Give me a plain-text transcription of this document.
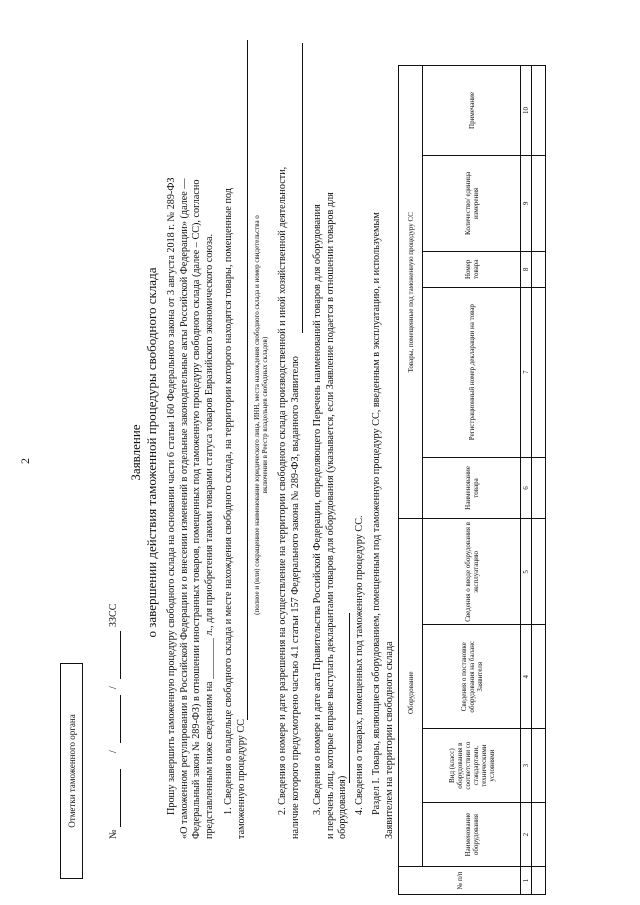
2
Отметки таможенного органа
№
/
/
ЗЗСС
Заявление о завершении действия таможенной процедуры свободного склада Прошу завершить таможенную процедуру свободного склада на основании части 6 статьи 160 Федерального закона от 3 августа 2018 г. № 289-ФЗ «О таможенном регулировании в Российской Федерации и о внесении изменений в отдельные законодательные акты Российской Федерации» (далее — Федеральный закон № 289-ФЗ) в отношении иностранных товаров, помещенных под таможенную процедуру свободного склада (далее – СС), согласно представленным ниже сведениям на ________ л., для приобретения такими товарами статуса товаров Евразийского экономического союза. 1. Сведения о владельце свободного склада и месте нахождения свободного склада, на территории которого находятся товары, помещенные под таможенную процедуру СС
(полное и (или) сокращенное наименование юридического лица, ИНН, места нахождения свободного склада и номер свидетельства о включении в Реестр владельцев свободных складов) 2. Сведения о номере и дате разрешения на осуществление на территории свободного склада производственной и иной хозяйственной деятельности, наличие которого предусмотрено частью 4.1 статьи 157 Федерального закона № 289-ФЗ, выданного Заявителю 3. Сведения о номере и дате акта Правительства Российской Федерации, определяющего Перечень наименований товаров для оборудования и перечень лиц, которые вправе выступать декларантами товаров для оборудования (указывается, если Заявление подается в отношении товаров для оборудования) 4. Сведения о товарах, помещенных под таможенную процедуру СС. Раздел I. Товары, являющиеся оборудованием, помещенным под таможенную процедуру СС, введенным в эксплуатацию, и используемым Заявителем на территории свободного склада
№ п/п	Оборудование				Товары, помещенные под таможенную процедуру СС				
	Наименование оборудования	Вид (класс) оборудования в соответствии со стандартами, техническими условиями	Сведения о постановке оборудования на баланс Заявителя	Сведения о вводе оборудования в эксплуатацию	Наименование товара	Регистрационный номер декларации на товар	Номер товара	Количество/ единица измерения	Примечание
1	2	3	4	5	6	7	8	9	10
